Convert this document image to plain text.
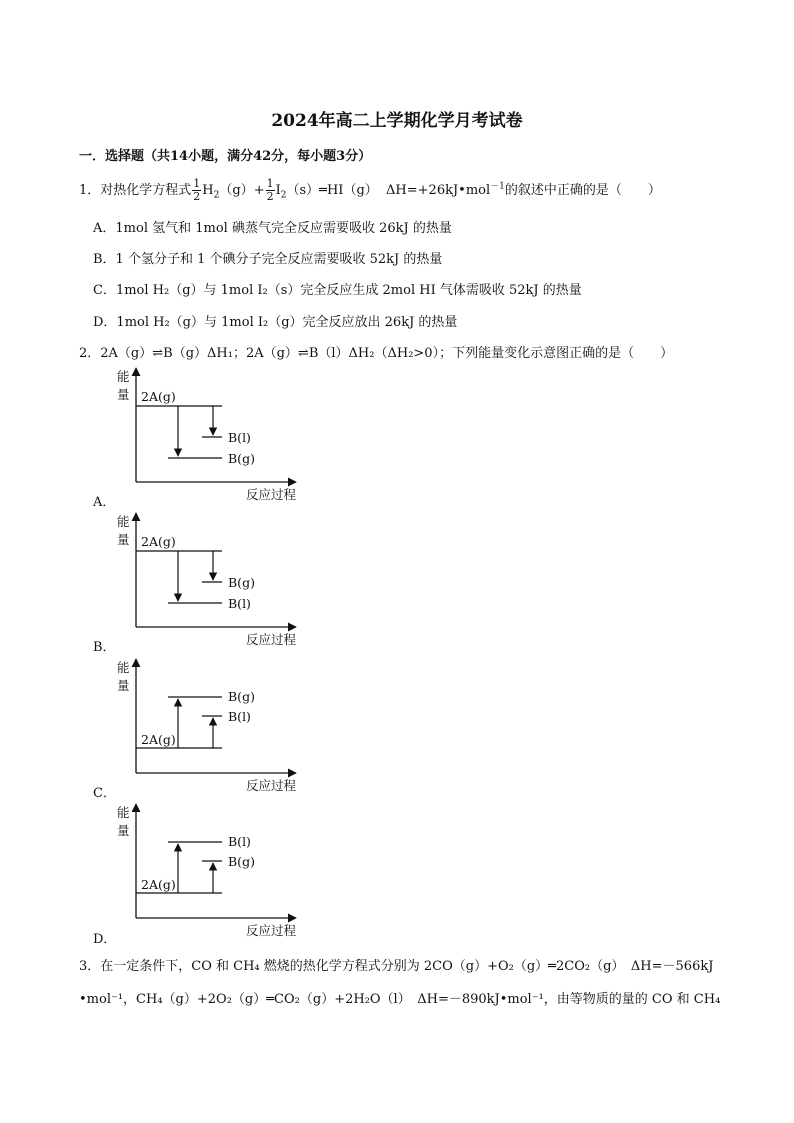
2024年高二上学期化学月考试卷
一．选择题（共14小题，满分42分，每小题3分）
1．对热化学方程式 $\frac{1}{2} H_2(g)+ \frac{1}{2}$ $I_2(s)═HI(g)$ ΔH=+26kJ•mol$^{-1}$的叙述中正确的是（　　）
A．1mol 氢气和 1mol 碘蒸气完全反应需要吸收 26kJ 的热量
B．1 个氢分子和 1 个碘分子完全反应需要吸收 52kJ 的热量
C．1mol H₂（g）与 1mol I₂（s）完全反应生成 2mol HI 气体需吸收 52kJ 的热量
D．1mol H₂（g）与 1mol I₂（g）完全反应放出 26kJ 的热量
2．2A（g）⇌B（g）ΔH₁；2A（g）⇌B（l）ΔH₂（ΔH₂>0）；下列能量变化示意图正确的是（　　）
能
量
反应过程
2A(g)
B(l)
B(g)
A．
能
量
反应过程
2A(g)
B(g)
B(l)
B．
能
量
反应过程
B(g)
B(l)
2A(g)
C．
能
量
反应过程
B(l)
B(g)
2A(g)
D．
3．在一定条件下，CO 和 CH₄ 燃烧的热化学方程式分别为 2CO（g）+O₂（g）═2CO₂（g）　ΔH=－566kJ
•mol⁻¹，CH₄（g）+2O₂（g）═CO₂（g）+2H₂O（l）　ΔH=－890kJ•mol⁻¹，由等物质的量的 CO 和 CH₄
